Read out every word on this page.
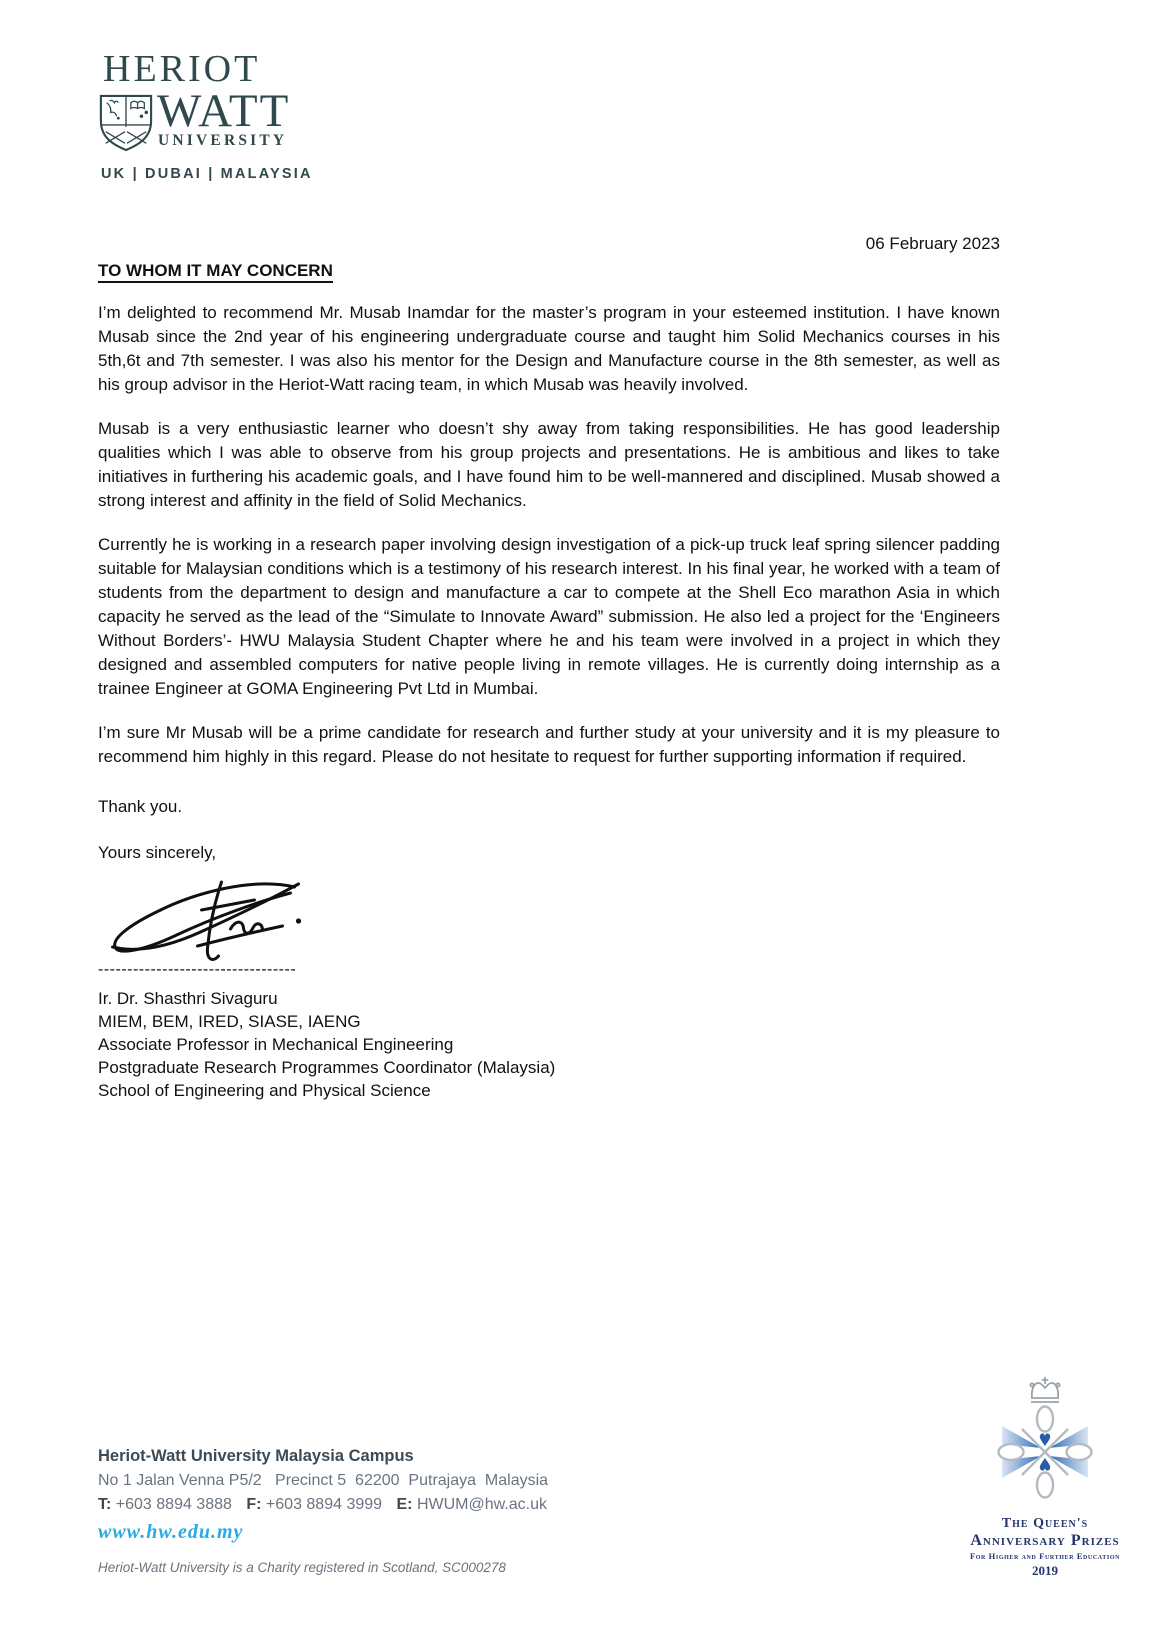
HERIOT
WATT
UNIVERSITY
UK | DUBAI | MALAYSIA
06 February 2023
TO WHOM IT MAY CONCERN

I’m delighted to recommend Mr. Musab Inamdar for the master’s program in your esteemed institution. I have known Musab since the 2nd year of his engineering undergraduate course and taught him Solid Mechanics courses in his 5th,6t and 7th semester. I was also his mentor for the Design and Manufacture course in the 8th semester, as well as his group advisor in the Heriot-Watt racing team, in which Musab was heavily involved.

Musab is a very enthusiastic learner who doesn’t shy away from taking responsibilities. He has good leadership qualities which I was able to observe from his group projects and presentations. He is ambitious and likes to take initiatives in furthering his academic goals, and I have found him to be well-mannered and disciplined. Musab showed a strong interest and affinity in the field of Solid Mechanics.

Currently he is working in a research paper involving design investigation of a pick-up truck leaf spring silencer padding suitable for Malaysian conditions which is a testimony of his research interest. In his final year, he worked with a team of students from the department to design and manufacture a car to compete at the Shell Eco marathon Asia in which capacity he served as the lead of the “Simulate to Innovate Award” submission. He also led a project for the ‘Engineers Without Borders’- HWU Malaysia Student Chapter where he and his team were involved in a project in which they designed and assembled computers for native people living in remote villages. He is currently doing internship as a trainee Engineer at GOMA Engineering Pvt Ltd in Mumbai.

I’m sure Mr Musab will be a prime candidate for research and further study at your university and it is my pleasure to recommend him highly in this regard. Please do not hesitate to request for further supporting information if required.

Thank you.
Yours sincerely,
----------------------------------
Ir. Dr. Shasthri Sivaguru
MIEM, BEM, IRED, SIASE, IAENG
Associate Professor in Mechanical Engineering
Postgraduate Research Programmes Coordinator (Malaysia)
School of Engineering and Physical Science
Heriot-Watt University Malaysia Campus
No 1 Jalan Venna P5/2   Precinct 5  62200  Putrajaya  Malaysia
T: +603 8894 3888 F: +603 8894 3999 E: HWUM@hw.ac.uk
www.hw.edu.my
Heriot-Watt University is a Charity registered in Scotland, SC000278
The Queen's
Anniversary Prizes
For Higher and Further Education
2019
